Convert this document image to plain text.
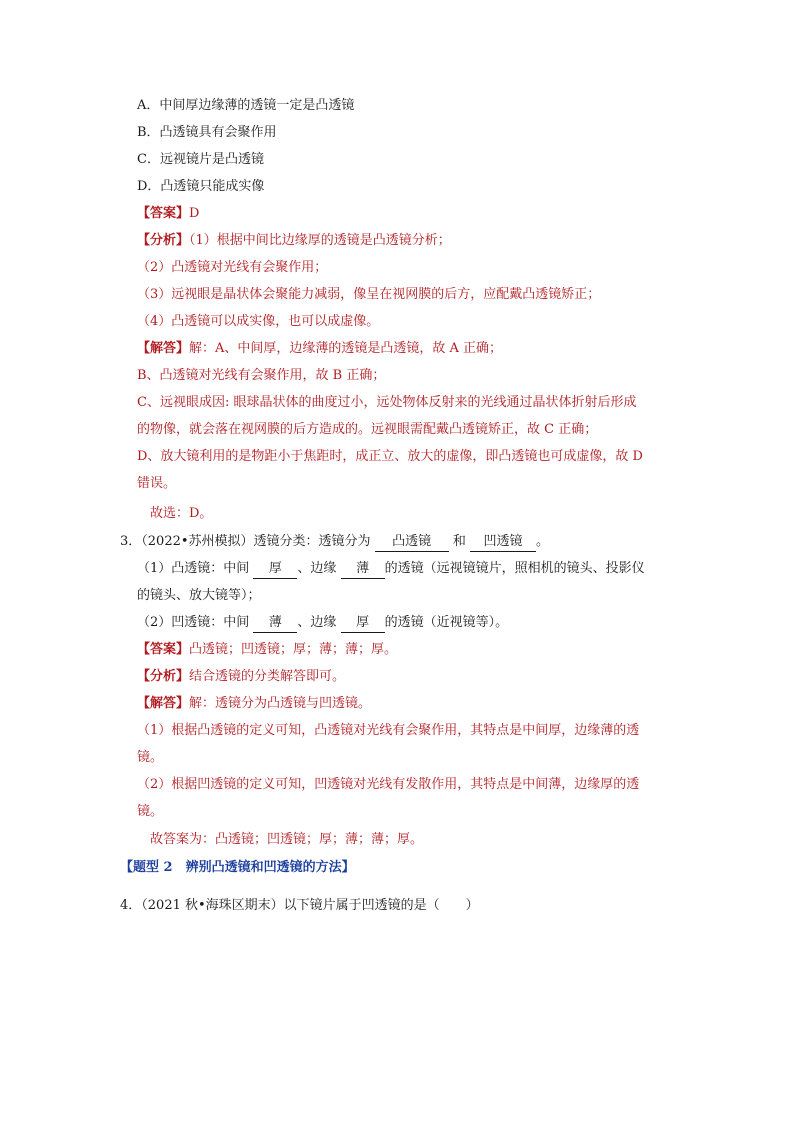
A．中间厚边缘薄的透镜一定是凸透镜
B．凸透镜具有会聚作用
C．远视镜片是凸透镜
D．凸透镜只能成实像
【答案】D
【分析】（1）根据中间比边缘厚的透镜是凸透镜分析；
（2）凸透镜对光线有会聚作用；
（3）远视眼是晶状体会聚能力减弱，像呈在视网膜的后方，应配戴凸透镜矫正；
（4）凸透镜可以成实像，也可以成虚像。
【解答】解：A、中间厚，边缘薄的透镜是凸透镜，故 A 正确；
B、凸透镜对光线有会聚作用，故 B 正确；
C、远视眼成因: 眼球晶状体的曲度过小，远处物体反射来的光线通过晶状体折射后形成
的物像，就会落在视网膜的后方造成的。远视眼需配戴凸透镜矫正，故 C 正确；
D、放大镜利用的是物距小于焦距时，成正立、放大的虚像，即凸透镜也可成虚像，故 D
错误。
故选：D。
3．（2022•苏州模拟）透镜分类：透镜分为 凸透镜 和 凹透镜 。
（1）凸透镜：中间 厚 、边缘 薄 的透镜（远视镜镜片，照相机的镜头、投影仪
的镜头、放大镜等）；
（2）凹透镜：中间 薄 、边缘 厚 的透镜（近视镜等）。
【答案】凸透镜；凹透镜；厚；薄；薄；厚。
【分析】结合透镜的分类解答即可。
【解答】解：透镜分为凸透镜与凹透镜。
（1）根据凸透镜的定义可知，凸透镜对光线有会聚作用，其特点是中间厚，边缘薄的透
镜。
（2）根据凹透镜的定义可知，凹透镜对光线有发散作用，其特点是中间薄，边缘厚的透
镜。
故答案为：凸透镜；凹透镜；厚；薄；薄；厚。
【题型 2　辨别凸透镜和凹透镜的方法】
4．（2021 秋•海珠区期末）以下镜片属于凹透镜的是（　　）
